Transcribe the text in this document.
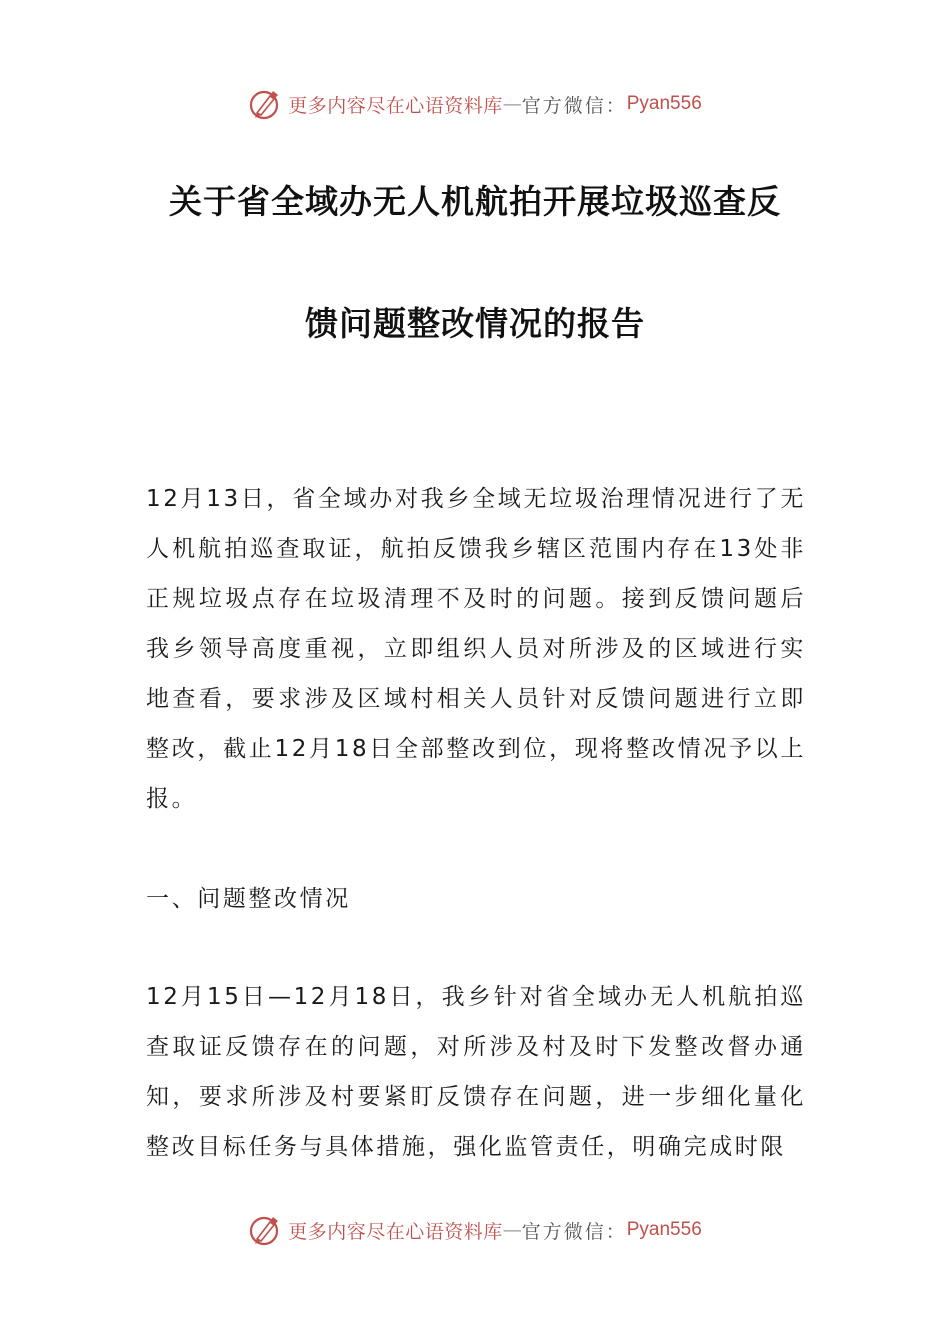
更多内容尽在心语资料库 — 官方微信： Pyan556
关于省全域办无人机航拍开展垃圾巡查反
馈问题整改情况的报告
12月13日，省全域办对我乡全域无垃圾治理情况进行了无人机航拍巡查取证，航拍反馈我乡辖区范围内存在13处非正规垃圾点存在垃圾清理不及时的问题。接到反馈问题后我乡领导高度重视，立即组织人员对所涉及的区域进行实地查看，要求涉及区域村相关人员针对反馈问题进行立即整改，截止12月18日全部整改到位，现将整改情况予以上报。
一、问题整改情况
12月15日—12月18日，我乡针对省全域办无人机航拍巡查取证反馈存在的问题，对所涉及村及时下发整改督办通知，要求所涉及村要紧盯反馈存在问题，进一步细化量化整改目标任务与具体措施，强化监管责任，明确完成时限
更多内容尽在心语资料库 — 官方微信： Pyan556
